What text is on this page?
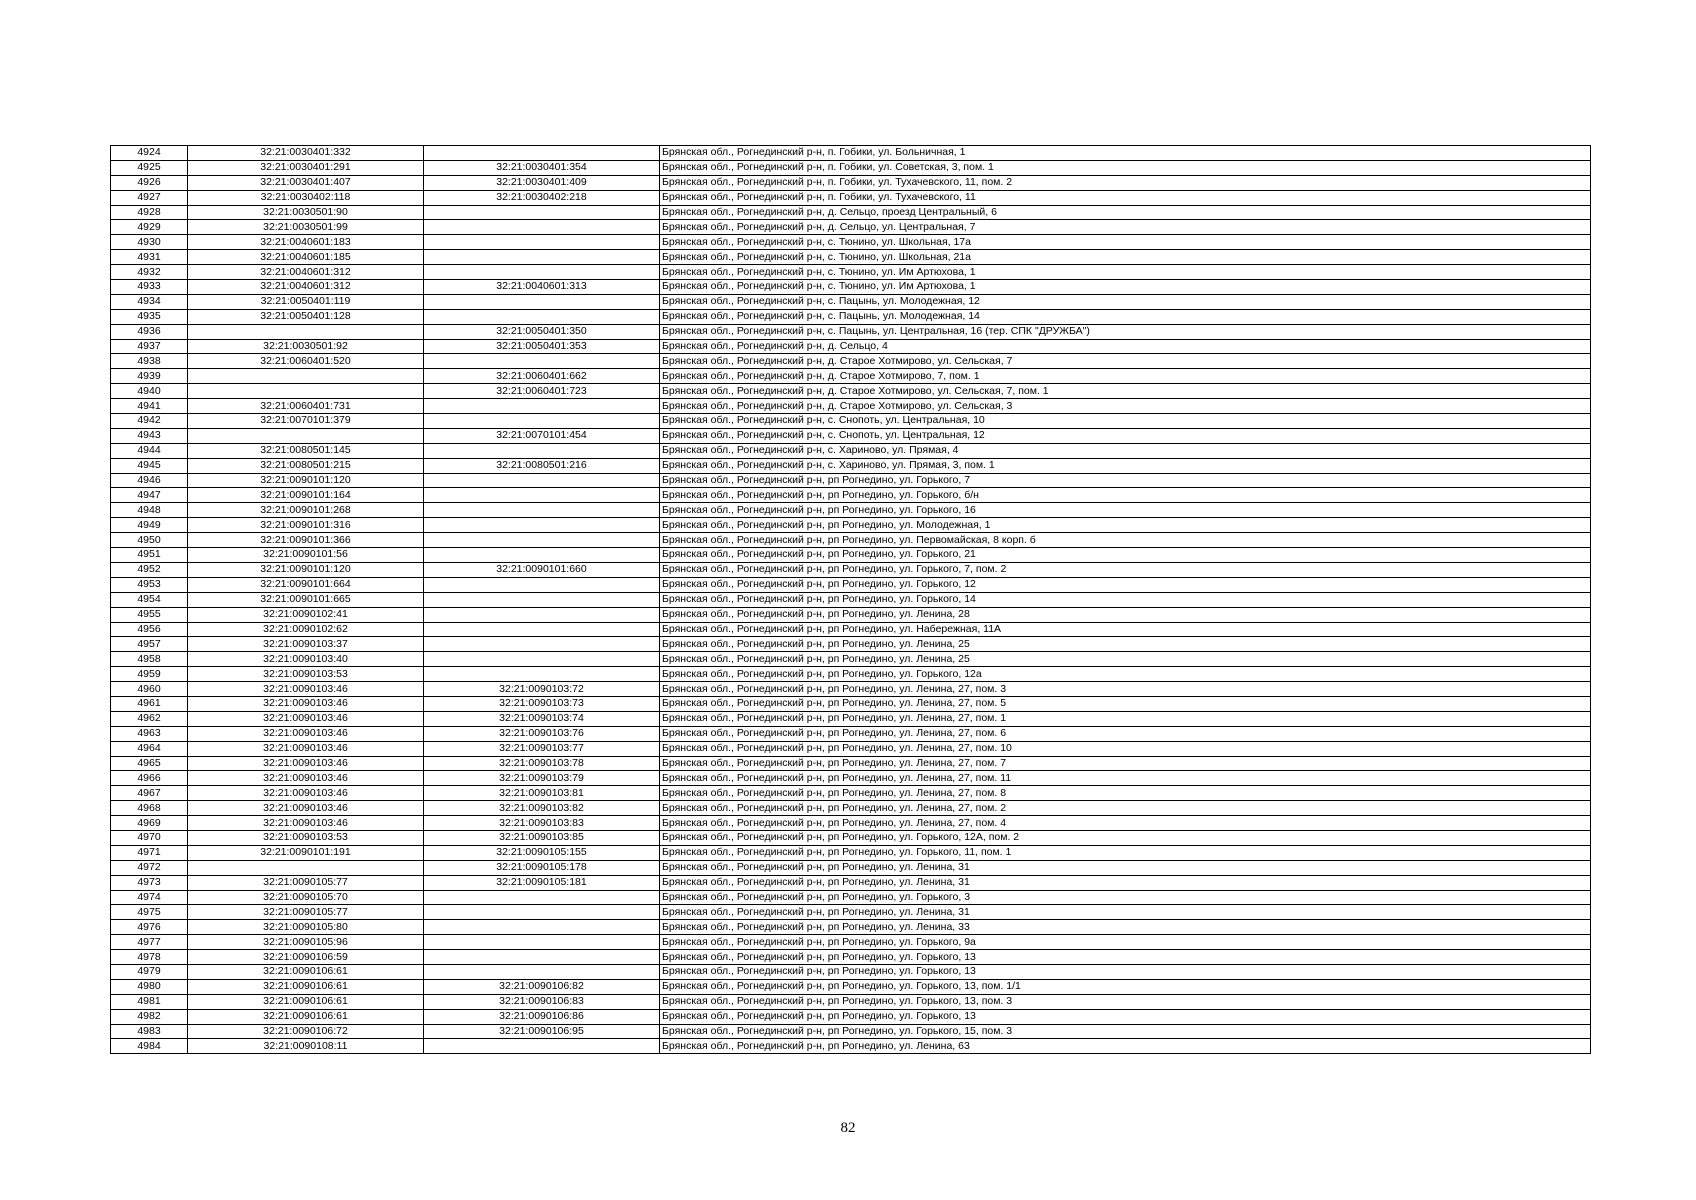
4924	32:21:0030401:332		Брянская обл., Рогнединский р-н, п. Гобики, ул. Больничная, 1
4925	32:21:0030401:291	32:21:0030401:354	Брянская обл., Рогнединский р-н, п. Гобики, ул. Советская, 3, пом. 1
4926	32:21:0030401:407	32:21:0030401:409	Брянская обл., Рогнединский р-н, п. Гобики, ул. Тухачевского, 11, пом. 2
4927	32:21:0030402:118	32:21:0030402:218	Брянская обл., Рогнединский р-н, п. Гобики, ул. Тухачевского, 11
4928	32:21:0030501:90		Брянская обл., Рогнединский р-н, д. Сельцо, проезд Центральный, 6
4929	32:21:0030501:99		Брянская обл., Рогнединский р-н, д. Сельцо, ул. Центральная, 7
4930	32:21:0040601:183		Брянская обл., Рогнединский р-н, с. Тюнино, ул. Школьная, 17а
4931	32:21:0040601:185		Брянская обл., Рогнединский р-н, с. Тюнино, ул. Школьная, 21а
4932	32:21:0040601:312		Брянская обл., Рогнединский р-н, с. Тюнино, ул. Им Артюхова, 1
4933	32:21:0040601:312	32:21:0040601:313	Брянская обл., Рогнединский р-н, с. Тюнино, ул. Им Артюхова, 1
4934	32:21:0050401:119		Брянская обл., Рогнединский р-н, с. Пацынь, ул. Молодежная, 12
4935	32:21:0050401:128		Брянская обл., Рогнединский р-н, с. Пацынь, ул. Молодежная, 14
4936		32:21:0050401:350	Брянская обл., Рогнединский р-н, с. Пацынь, ул. Центральная, 16 (тер. СПК "ДРУЖБА")
4937	32:21:0030501:92	32:21:0050401:353	Брянская обл., Рогнединский р-н, д. Сельцо, 4
4938	32:21:0060401:520		Брянская обл., Рогнединский р-н, д. Старое Хотмирово, ул. Сельская, 7
4939		32:21:0060401:662	Брянская обл., Рогнединский р-н, д. Старое Хотмирово, 7, пом. 1
4940		32:21:0060401:723	Брянская обл., Рогнединский р-н, д. Старое Хотмирово, ул. Сельская, 7, пом. 1
4941	32:21:0060401:731		Брянская обл., Рогнединский р-н, д. Старое Хотмирово, ул. Сельская, 3
4942	32:21:0070101:379		Брянская обл., Рогнединский р-н, с. Снопоть, ул. Центральная, 10
4943		32:21:0070101:454	Брянская обл., Рогнединский р-н, с. Снопоть, ул. Центральная, 12
4944	32:21:0080501:145		Брянская обл., Рогнединский р-н, с. Хариново, ул. Прямая, 4
4945	32:21:0080501:215	32:21:0080501:216	Брянская обл., Рогнединский р-н, с. Хариново, ул. Прямая, 3, пом. 1
4946	32:21:0090101:120		Брянская обл., Рогнединский р-н, рп Рогнедино, ул. Горького, 7
4947	32:21:0090101:164		Брянская обл., Рогнединский р-н, рп Рогнедино, ул. Горького, б/н
4948	32:21:0090101:268		Брянская обл., Рогнединский р-н, рп Рогнедино, ул. Горького, 16
4949	32:21:0090101:316		Брянская обл., Рогнединский р-н, рп Рогнедино, ул. Молодежная, 1
4950	32:21:0090101:366		Брянская обл., Рогнединский р-н, рп Рогнедино, ул. Первомайская, 8 корп. б
4951	32:21:0090101:56		Брянская обл., Рогнединский р-н, рп Рогнедино, ул. Горького, 21
4952	32:21:0090101:120	32:21:0090101:660	Брянская обл., Рогнединский р-н, рп Рогнедино, ул. Горького, 7, пом. 2
4953	32:21:0090101:664		Брянская обл., Рогнединский р-н, рп Рогнедино, ул. Горького, 12
4954	32:21:0090101:665		Брянская обл., Рогнединский р-н, рп Рогнедино, ул. Горького, 14
4955	32:21:0090102:41		Брянская обл., Рогнединский р-н, рп Рогнедино, ул. Ленина, 28
4956	32:21:0090102:62		Брянская обл., Рогнединский р-н, рп Рогнедино, ул. Набережная, 11А
4957	32:21:0090103:37		Брянская обл., Рогнединский р-н, рп Рогнедино, ул. Ленина, 25
4958	32:21:0090103:40		Брянская обл., Рогнединский р-н, рп Рогнедино, ул. Ленина, 25
4959	32:21:0090103:53		Брянская обл., Рогнединский р-н, рп Рогнедино, ул. Горького, 12а
4960	32:21:0090103:46	32:21:0090103:72	Брянская обл., Рогнединский р-н, рп Рогнедино, ул. Ленина, 27, пом. 3
4961	32:21:0090103:46	32:21:0090103:73	Брянская обл., Рогнединский р-н, рп Рогнедино, ул. Ленина, 27, пом. 5
4962	32:21:0090103:46	32:21:0090103:74	Брянская обл., Рогнединский р-н, рп Рогнедино, ул. Ленина, 27, пом. 1
4963	32:21:0090103:46	32:21:0090103:76	Брянская обл., Рогнединский р-н, рп Рогнедино, ул. Ленина, 27, пом. 6
4964	32:21:0090103:46	32:21:0090103:77	Брянская обл., Рогнединский р-н, рп Рогнедино, ул. Ленина, 27, пом. 10
4965	32:21:0090103:46	32:21:0090103:78	Брянская обл., Рогнединский р-н, рп Рогнедино, ул. Ленина, 27, пом. 7
4966	32:21:0090103:46	32:21:0090103:79	Брянская обл., Рогнединский р-н, рп Рогнедино, ул. Ленина, 27, пом. 11
4967	32:21:0090103:46	32:21:0090103:81	Брянская обл., Рогнединский р-н, рп Рогнедино, ул. Ленина, 27, пом. 8
4968	32:21:0090103:46	32:21:0090103:82	Брянская обл., Рогнединский р-н, рп Рогнедино, ул. Ленина, 27, пом. 2
4969	32:21:0090103:46	32:21:0090103:83	Брянская обл., Рогнединский р-н, рп Рогнедино, ул. Ленина, 27, пом. 4
4970	32:21:0090103:53	32:21:0090103:85	Брянская обл., Рогнединский р-н, рп Рогнедино, ул. Горького, 12А, пом. 2
4971	32:21:0090101:191	32:21:0090105:155	Брянская обл., Рогнединский р-н, рп Рогнедино, ул. Горького, 11, пом. 1
4972		32:21:0090105:178	Брянская обл., Рогнединский р-н, рп Рогнедино, ул. Ленина, 31
4973	32:21:0090105:77	32:21:0090105:181	Брянская обл., Рогнединский р-н, рп Рогнедино, ул. Ленина, 31
4974	32:21:0090105:70		Брянская обл., Рогнединский р-н, рп Рогнедино, ул. Горького, 3
4975	32:21:0090105:77		Брянская обл., Рогнединский р-н, рп Рогнедино, ул. Ленина, 31
4976	32:21:0090105:80		Брянская обл., Рогнединский р-н, рп Рогнедино, ул. Ленина, 33
4977	32:21:0090105:96		Брянская обл., Рогнединский р-н, рп Рогнедино, ул. Горького, 9а
4978	32:21:0090106:59		Брянская обл., Рогнединский р-н, рп Рогнедино, ул. Горького, 13
4979	32:21:0090106:61		Брянская обл., Рогнединский р-н, рп Рогнедино, ул. Горького, 13
4980	32:21:0090106:61	32:21:0090106:82	Брянская обл., Рогнединский р-н, рп Рогнедино, ул. Горького, 13, пом. 1/1
4981	32:21:0090106:61	32:21:0090106:83	Брянская обл., Рогнединский р-н, рп Рогнедино, ул. Горького, 13, пом. 3
4982	32:21:0090106:61	32:21:0090106:86	Брянская обл., Рогнединский р-н, рп Рогнедино, ул. Горького, 13
4983	32:21:0090106:72	32:21:0090106:95	Брянская обл., Рогнединский р-н, рп Рогнедино, ул. Горького, 15, пом. 3
4984	32:21:0090108:11		Брянская обл., Рогнединский р-н, рп Рогнедино, ул. Ленина, 63
82
